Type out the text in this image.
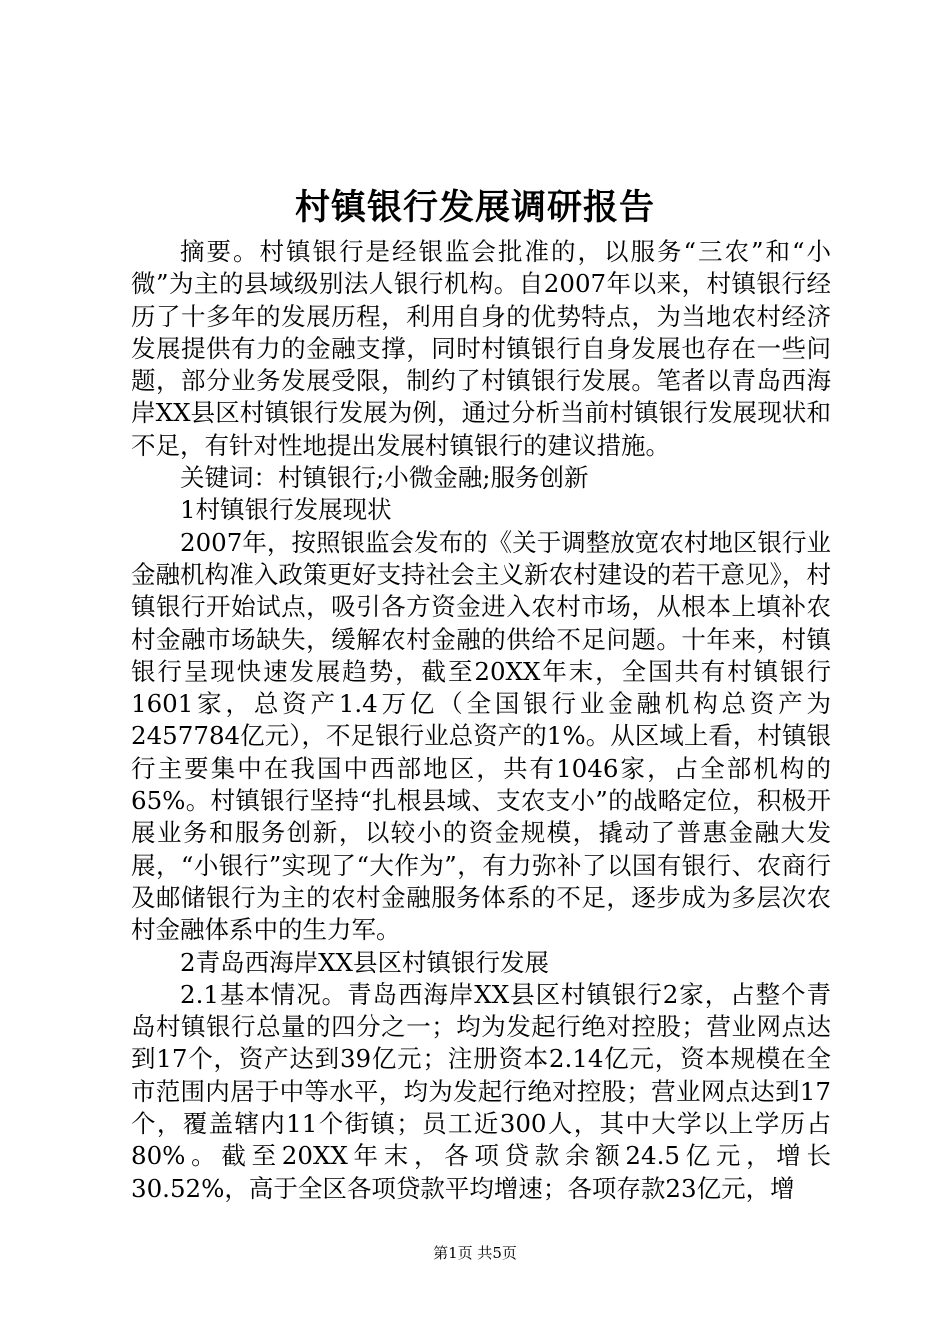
村镇银行发展调研报告

摘要。村镇银行是经银监会批准的，以服务“三农”和“小微”为主的县域级别法人银行机构。自2007年以来，村镇银行经历了十多年的发展历程，利用自身的优势特点，为当地农村经济发展提供有力的金融支撑，同时村镇银行自身发展也存在一些问题，部分业务发展受限，制约了村镇银行发展。笔者以青岛西海岸XX县区村镇银行发展为例，通过分析当前村镇银行发展现状和不足，有针对性地提出发展村镇银行的建议措施。

关键词：村镇银行;小微金融;服务创新

1村镇银行发展现状

2007年，按照银监会发布的《关于调整放宽农村地区银行业金融机构准入政策更好支持社会主义新农村建设的若干意见》，村镇银行开始试点，吸引各方资金进入农村市场，从根本上填补农村金融市场缺失，缓解农村金融的供给不足问题。十年来，村镇银行呈现快速发展趋势，截至20XX年末，全国共有村镇银行1601家，总资产1.4万亿（全国银行业金融机构总资产为2457784亿元），不足银行业总资产的1%。从区域上看，村镇银行主要集中在我国中西部地区，共有1046家，占全部机构的65%。村镇银行坚持“扎根县域、支农支小”的战略定位，积极开展业务和服务创新，以较小的资金规模，撬动了普惠金融大发展，“小银行”实现了“大作为”，有力弥补了以国有银行、农商行及邮储银行为主的农村金融服务体系的不足，逐步成为多层次农村金融体系中的生力军。

2青岛西海岸XX县区村镇银行发展

2.1基本情况。青岛西海岸XX县区村镇银行2家，占整个青岛村镇银行总量的四分之一；均为发起行绝对控股；营业网点达到17个，资产达到39亿元；注册资本2.14亿元，资本规模在全市范围内居于中等水平，均为发起行绝对控股；营业网点达到17个，覆盖辖内11个街镇；员工近300人，其中大学以上学历占80%。截至20XX年末，各项贷款余额24.5亿元，增长30.52%，高于全区各项贷款平均增速；各项存款23亿元，增

第1页 共5页
